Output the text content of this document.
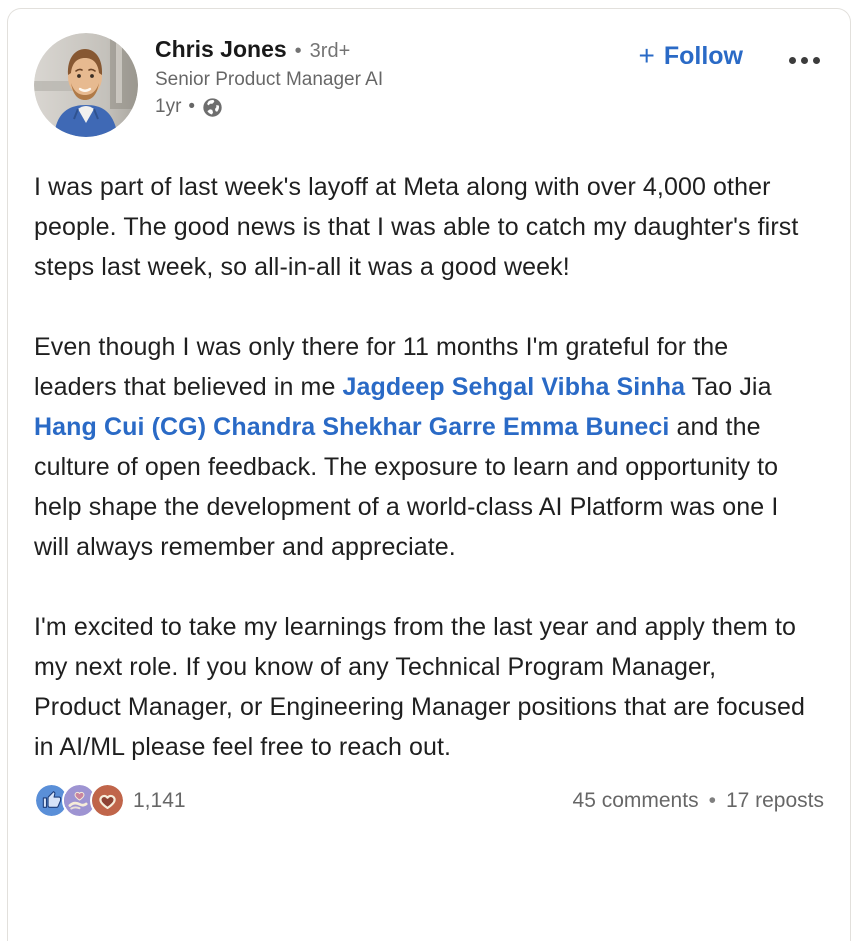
Chris Jones • 3rd+
Senior Product Manager AI
1yr •
+ Follow

I was part of last week's layoff at Meta along with over 4,000 other people. The good news is that I was able to catch my daughter's first steps last week, so all-in-all it was a good week!

Even though I was only there for 11 months I'm grateful for the leaders that believed in me Jagdeep Sehgal Vibha Sinha Tao Jia Hang Cui (CG) Chandra Shekhar Garre Emma Buneci and the culture of open feedback. The exposure to learn and opportunity to help shape the development of a world-class AI Platform was one I will always remember and appreciate.

I'm excited to take my learnings from the last year and apply them to my next role. If you know of any Technical Program Manager, Product Manager, or Engineering Manager positions that are focused in AI/ML please feel free to reach out.

1,141	45 comments • 17 reposts
